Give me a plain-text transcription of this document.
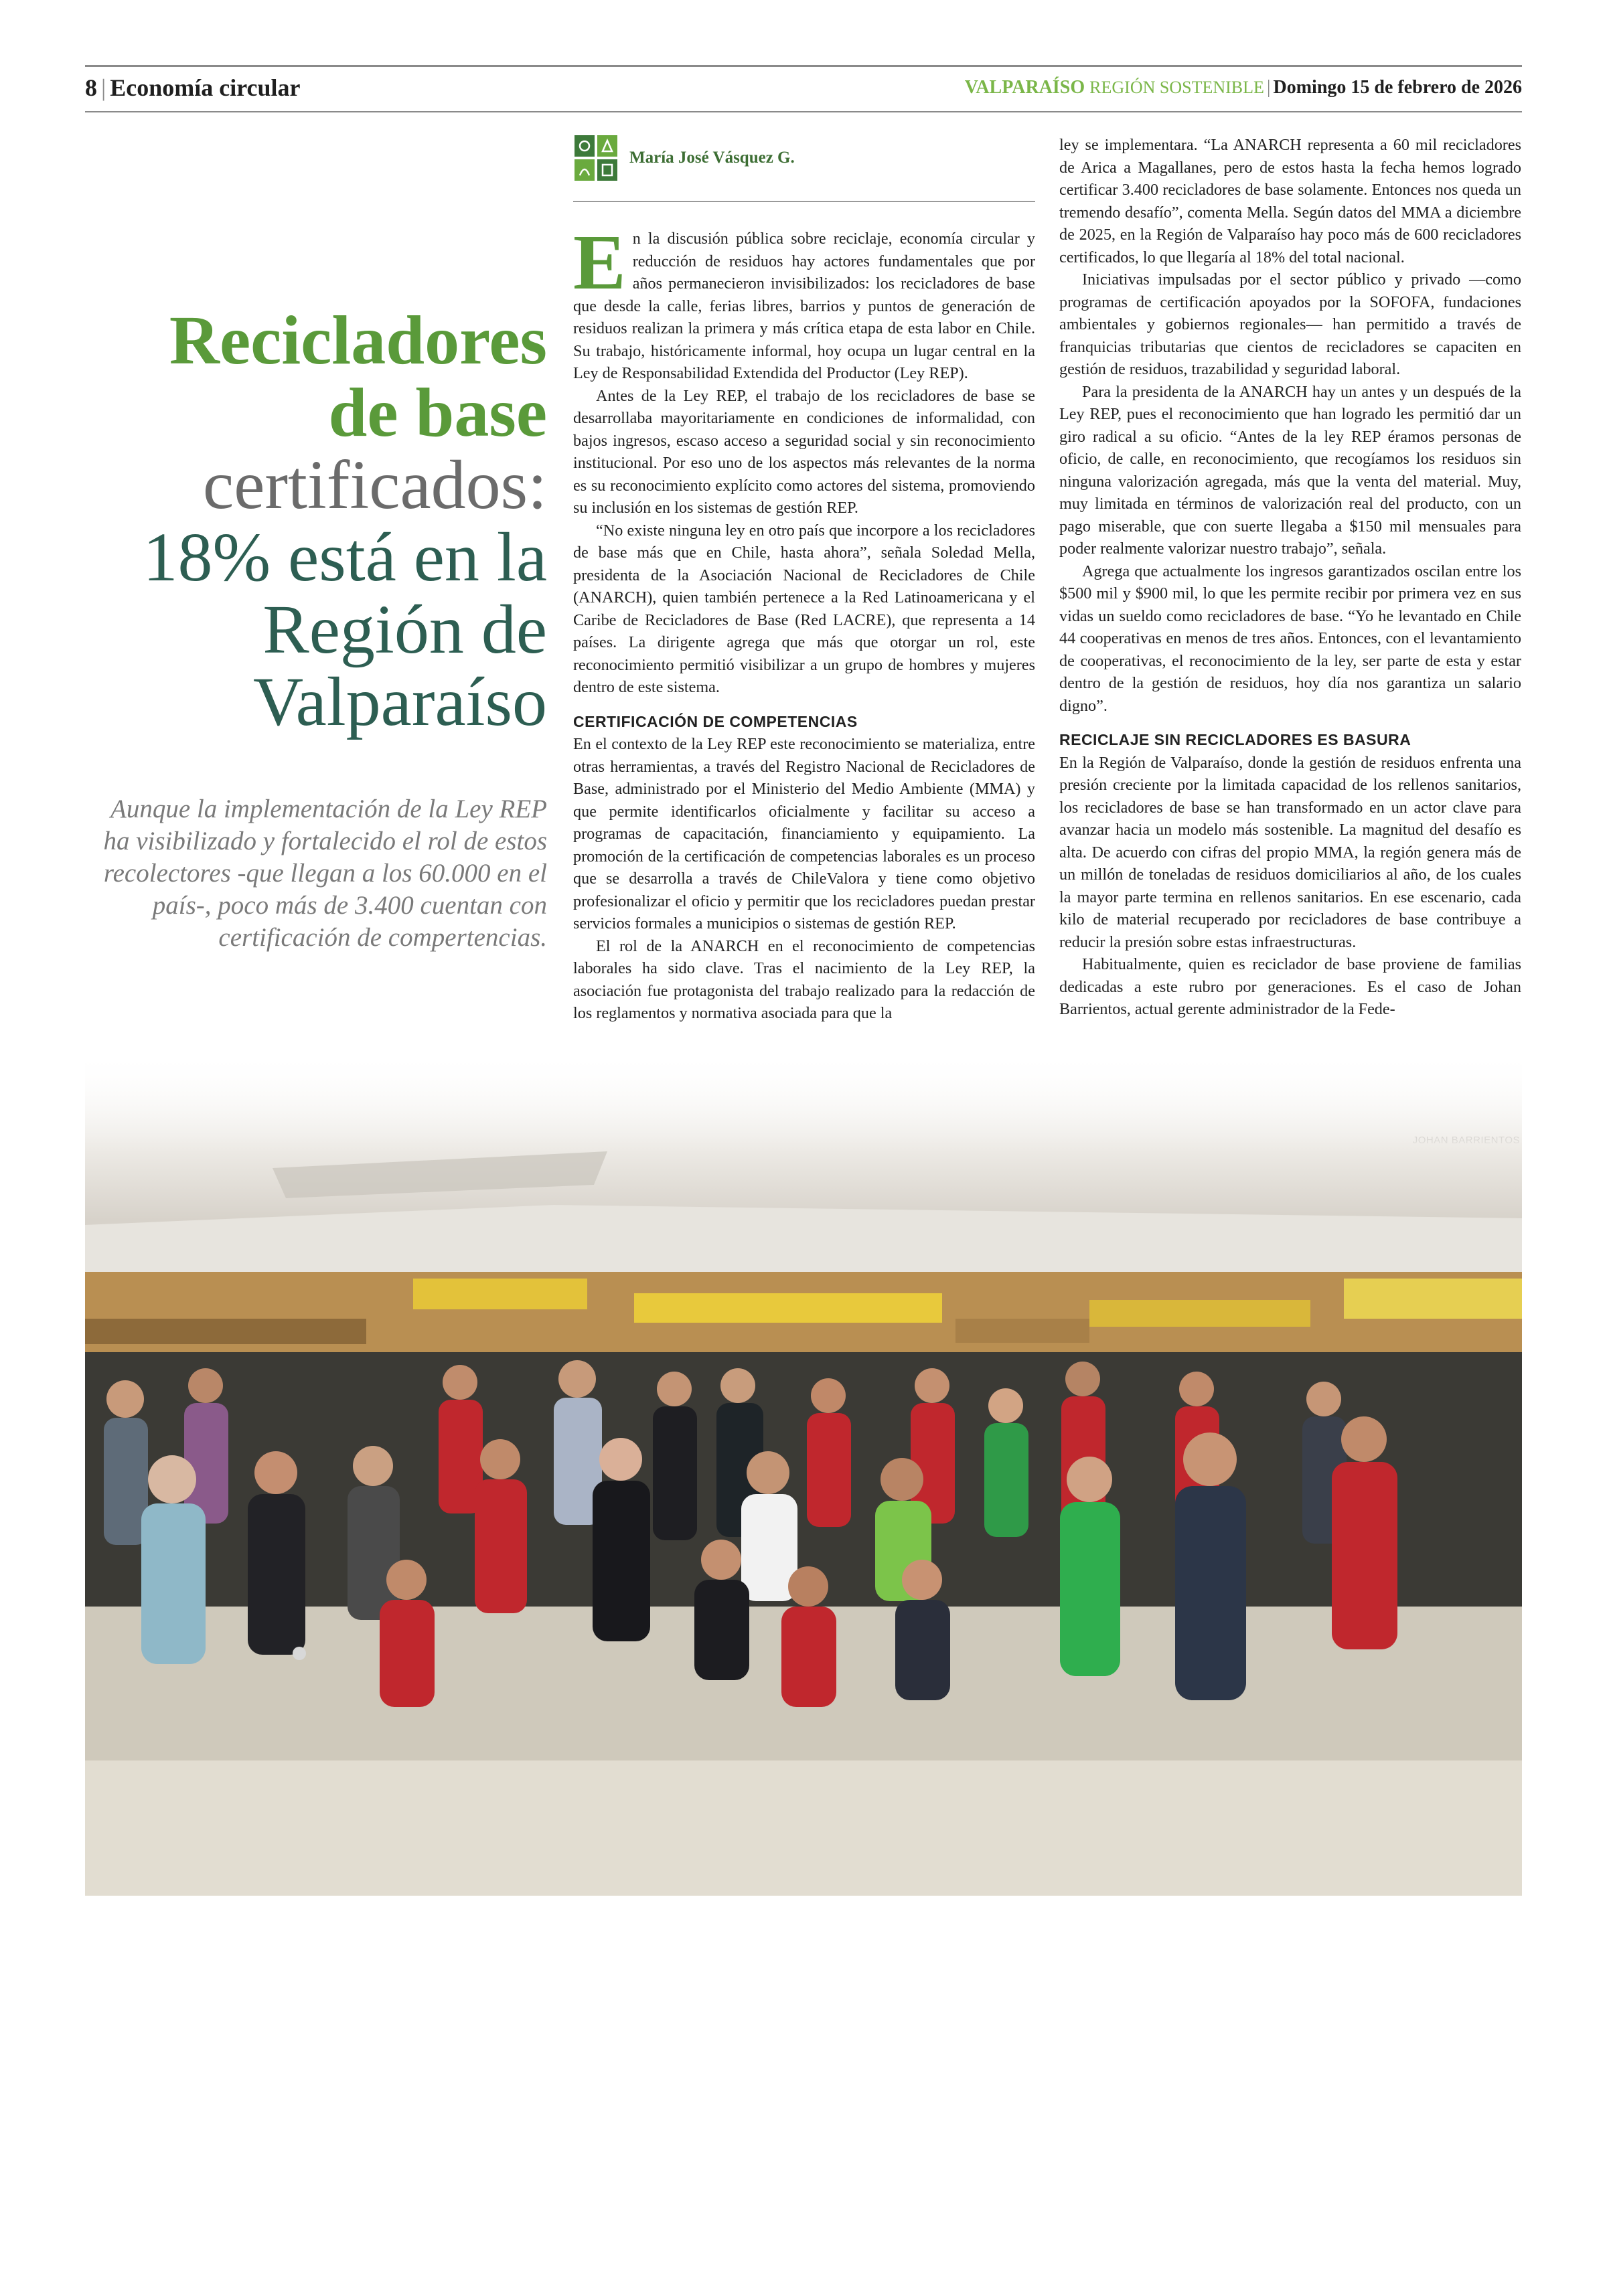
8 | Economía circular	VALPARAÍSO REGIÓN SOSTENIBLE | Domingo 15 de febrero de 2026
Recicladores
de base
certificados:
18% está en la
Región de
Valparaíso
Aunque la implementación de la Ley REP ha visibilizado y fortalecido el rol de estos recolectores -que llegan a los 60.000 en el país-, poco más de 3.400 cuentan con certificación de compertencias.
María José Vásquez G.

En la discusión pública sobre reciclaje, economía circular y reducción de residuos hay actores fundamentales que por años permanecieron invisibilizados: los recicladores de base que desde la calle, ferias libres, barrios y puntos de generación de residuos realizan la primera y más crítica etapa de esta labor en Chile. Su trabajo, históricamente informal, hoy ocupa un lugar central en la Ley de Responsabilidad Extendida del Productor (Ley REP).

Antes de la Ley REP, el trabajo de los recicladores de base se desarrollaba mayoritariamente en condiciones de informalidad, con bajos ingresos, escaso acceso a seguridad social y sin reconocimiento institucional. Por eso uno de los aspectos más relevantes de la norma es su reconocimiento explícito como actores del sistema, promoviendo su inclusión en los sistemas de gestión REP.

“No existe ninguna ley en otro país que incorpore a los recicladores de base más que en Chile, hasta ahora”, señala Soledad Mella, presidenta de la Asociación Nacional de Recicladores de Chile (ANARCH), quien también pertenece a la Red Latinoamericana y el Caribe de Recicladores de Base (Red LACRE), que representa a 14 países. La dirigente agrega que más que otorgar un rol, este reconocimiento permitió visibilizar a un grupo de hombres y mujeres dentro de este sistema.

CERTIFICACIÓN DE COMPETENCIAS

En el contexto de la Ley REP este reconocimiento se materializa, entre otras herramientas, a través del Registro Nacional de Recicladores de Base, administrado por el Ministerio del Medio Ambiente (MMA) y que permite identificarlos oficialmente y facilitar su acceso a programas de capacitación, financiamiento y equipamiento. La promoción de la certificación de competencias laborales es un proceso que se desarrolla a través de ChileValora y tiene como objetivo profesionalizar el oficio y permitir que los recicladores puedan prestar servicios formales a municipios o sistemas de gestión REP.

El rol de la ANARCH en el reconocimiento de competencias laborales ha sido clave. Tras el nacimiento de la Ley REP, la asociación fue protagonista del trabajo realizado para la redacción de los reglamentos y normativa asociada para que la

ley se implementara. “La ANARCH representa a 60 mil recicladores de Arica a Magallanes, pero de estos hasta la fecha hemos logrado certificar 3.400 recicladores de base solamente. Entonces nos queda un tremendo desafío”, comenta Mella. Según datos del MMA a diciembre de 2025, en la Región de Valparaíso hay poco más de 600 recicladores certificados, lo que llegaría al 18% del total nacional.

Iniciativas impulsadas por el sector público y privado —como programas de certificación apoyados por la SOFOFA, fundaciones ambientales y gobiernos regionales— han permitido a través de franquicias tributarias que cientos de recicladores se capaciten en gestión de residuos, trazabilidad y seguridad laboral.

Para la presidenta de la ANARCH hay un antes y un después de la Ley REP, pues el reconocimiento que han logrado les permitió dar un giro radical a su oficio. “Antes de la ley REP éramos personas de oficio, de calle, en reconocimiento, que recogíamos los residuos sin ninguna valorización agregada, más que la venta del material. Muy, muy limitada en términos de valorización real del producto, con un pago miserable, que con suerte llegaba a $150 mil mensuales para poder realmente valorizar nuestro trabajo”, señala.

Agrega que actualmente los ingresos garantizados oscilan entre los $500 mil y $900 mil, lo que les permite recibir por primera vez en sus vidas un sueldo como recicladores de base. “Yo he levantado en Chile 44 cooperativas en menos de tres años. Entonces, con el levantamiento de cooperativas, el reconocimiento de la ley, ser parte de esta y estar dentro de la gestión de residuos, hoy día nos garantiza un salario digno”.

RECICLAJE SIN RECICLADORES ES BASURA

En la Región de Valparaíso, donde la gestión de residuos enfrenta una presión creciente por la limitada capacidad de los rellenos sanitarios, los recicladores de base se han transformado en un actor clave para avanzar hacia un modelo más sostenible. La magnitud del desafío es alta. De acuerdo con cifras del propio MMA, la región genera más de un millón de toneladas de residuos domiciliarios al año, de los cuales la mayor parte termina en rellenos sanitarios. En ese escenario, cada kilo de material recuperado por recicladores de base contribuye a reducir la presión sobre estas infraestructuras.

Habitualmente, quien es reciclador de base proviene de familias dedicadas a este rubro por generaciones. Es el caso de Johan Barrientos, actual gerente administrador de la Fede-
